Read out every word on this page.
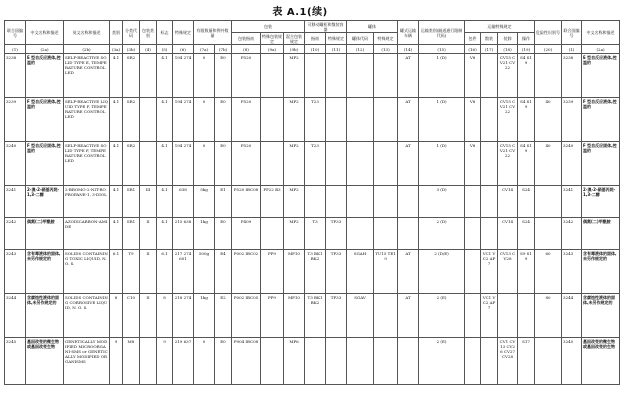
表 A.1(续)
联合国编号	中文名称和描述	英文名称和描述	类别	分类代码	包装类别	标志	特殊规定	有限数量和例外数量		包装			可移动罐柜和散装容器		罐体		罐式运输车辆	运输类别(隧道通行限制代码)	运输特殊规定				危险性识别号	联合国编号	中文名称和描述
										包装指南	特殊包装规定	混合包装规定	指南	特殊规定	罐体代码	特殊规定			包件	散装	装卸	操作			
(1)	(2a)	(2b)	(3a)	(3b)	(4)	(5)	(6)	(7a)	(7b)	(8)	(9a)	(9b)	(10)	(11)	(12)	(13)	(14)	(15)	(16)	(17)	(18)	(19)	(20)	(1)	(2a)
3238	E 型自反应液体,控温的	SELF-REACTIVE SOLID TYPE E, TEMPERATURE CONTROLLED	4.1	SR2		4.1	194 274	0	E0	P520		MP2					AT	1 (D)	V8		CV15 CV21 CV22	S4 S19		3238	E 型自反应液体,控温的
3239	F 型自反应液体,控温的	SELF-REACTIVE LIQUID TYPE F, TEMPERATURE CONTROLLED	4.1	SR2		4.1	194 274	0	E0	P520		MP2	T23				AT	1 (D)	V8		CV15 CV21 CV22	S4 S19	40	3239	F 型自反应液体,控温的
3240	F 型自反应固体,控温的	SELF-REACTIVE SOLID TYPE F, TEMPERATURE CONTROLLED	4.1	SR2		4.1	194 274	0	E0	P520		MP2	T23				AT	1 (D)	V8		CV15 CV21 CV22	S4 S19	40	3240	F 型自反应固体,控温的
3241	2-溴-2-硝基丙烷-1,3-二醇	2-BROMO-2-NIT-ROPROPANE-1, 3-DIOL	4.1	SR1	III	4.1	638	5kg	E1	P520 IBC08	PP22 B3	MP2						3 (D)			CV14	S24		3241	2-溴-2-硝基丙烷-1,3-二醇
3242	偶氮(二)甲酰胺	AZODICARBON-AMIDE	4.1	SR1	II	4.1	215 638	1kg	E0	P409		MP2	T3	TP33				2 (D)			CV14	S24		3242	偶氮(二)甲酰胺
3243	含有毒液体的固体,未另作规定的	SOLIDS CONTAINING TOXIC LIQUID, N. O. S.	6.1	T9	II	6.1	217 274 601	500g	E4	P002 IBC02	PP9	MP10	T3 BK1 BK2	TP33	SGAH	TU15 TE19	AT	2 (D/E)		VC1 VC2 AP7	CV13 CV28	S9 S19	60	3243	含有毒液体的固体,未另作规定的
3244	含腐蚀性液体的固体,未另作规定的	SOLIDS CONTAINING CORROSIVE LIQUID, N. O. S.	8	C10	II	8	218 274	1kg	E2	P002 IBC05	PP9	MP10	T3 BK1 BK2	TP33	SGAV		AT	2 (E)		VC1 VC2 AP7			80	3244	含腐蚀性液体的固体,未另作规定的
3245	基因改变的微生物或基因改变生物	GENETICALLY MODIFIED MICROORGANI-SMS or GENETICALLY MODIFIED ORGANISMS	9	M8		9	219 637	0	E0	P904 IBC08		MP6						2 (E)			CV1 CV13 CV26 CV27 CV28	S17		3245	基因改变的微生物或基因改变的生物
